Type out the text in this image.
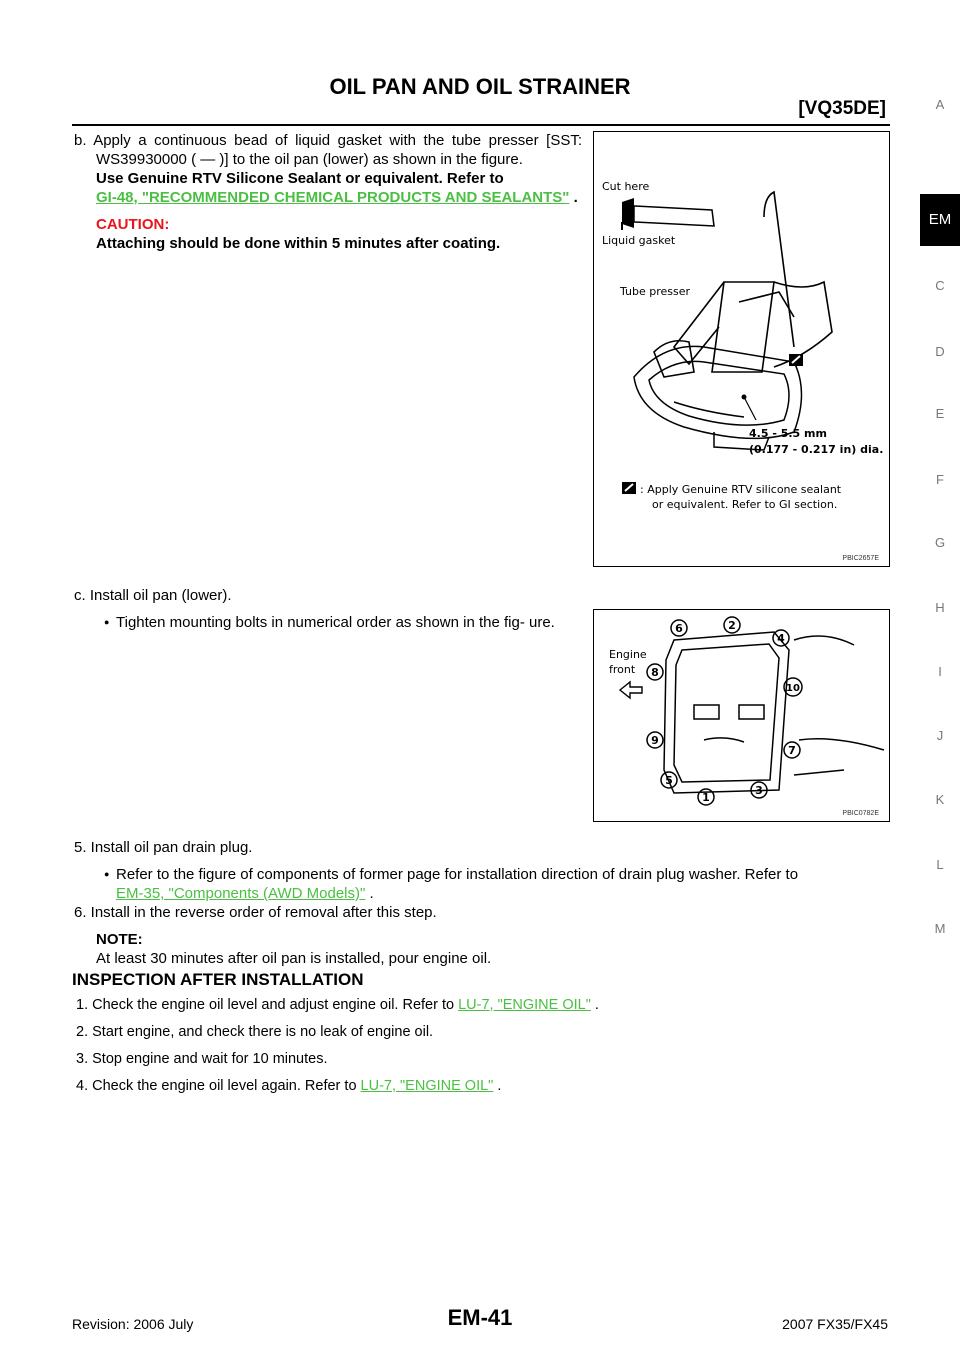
OIL PAN AND OIL STRAINER
[VQ35DE]	A
EM
C
D
E
F
G
H
I
J
K
L
M

b. Apply a continuous bead of liquid gasket with the tube presser [SST: WS39930000 ( — )] to the oil pan (lower) as shown in the figure.

Use Genuine RTV Silicone Sealant or equivalent. Refer to

GI-48, "RECOMMENDED CHEMICAL PRODUCTS AND SEALANTS" .

CAUTION:

Attaching should be done within 5 minutes after coating.

Cut here
Liquid gasket
Tube presser
4.5 - 5.5 mm
(0.177 - 0.217 in) dia.
: Apply Genuine RTV silicone sealant
or equivalent. Refer to GI section.
PBIC2657E

c. Install oil pan (lower).

● Tighten mounting bolts in numerical order as shown in the fig- ure.

Engine
front
6	2
4
8
10
9
7
5
1
3
PBIC0782E

5. Install oil pan drain plug.

● Refer to the figure of components of former page for installation direction of drain plug washer. Refer to

EM-35, "Components (AWD Models)" .

6. Install in the reverse order of removal after this step.

NOTE:

At least 30 minutes after oil pan is installed, pour engine oil.

INSPECTION AFTER INSTALLATION

1. Check the engine oil level and adjust engine oil. Refer to LU-7, "ENGINE OIL" .

2. Start engine, and check there is no leak of engine oil.

3. Stop engine and wait for 10 minutes.

4. Check the engine oil level again. Refer to LU-7, "ENGINE OIL" .

Revision: 2006 July	EM-41	2007 FX35/FX45
